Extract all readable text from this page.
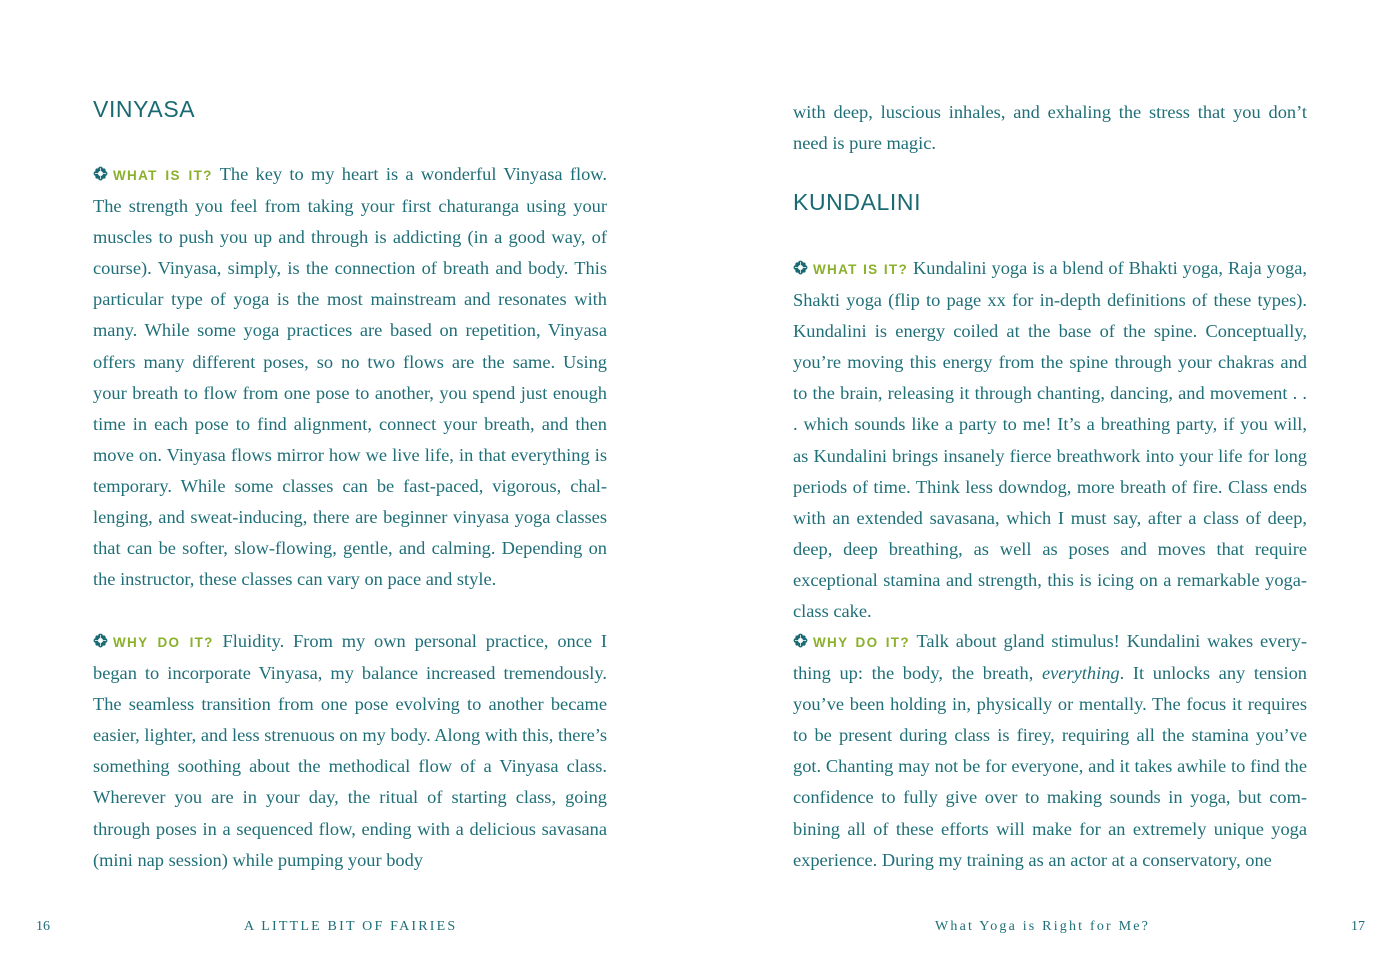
VINYASA

WHAT IS IT? The key to my heart is a wonderful Vinyasa flow. The strength you feel from taking your first chaturanga using your muscles to push you up and through is addicting (in a good way, of course). Vinyasa, simply, is the connection of breath and body. This particular type of yoga is the most mainstream and resonates with many. While some yoga practices are based on repetition, Vinyasa offers many different poses, so no two flows are the same. Using your breath to flow from one pose to another, you spend just enough time in each pose to find alignment, connect your breath, and then move on. Vinyasa flows mirror how we live life, in that everything is temporary. While some classes can be fast-paced, vigorous, challenging, and sweat-inducing, there are beginner vinyasa yoga classes that can be softer, slow-flowing, gentle, and calming. Depending on the instructor, these classes can vary on pace and style.

WHY DO IT? Fluidity. From my own personal practice, once I began to incorporate Vinyasa, my balance increased tremendously. The seamless transition from one pose evolving to another became easier, lighter, and less strenuous on my body. Along with this, there’s something soothing about the methodical flow of a Vinyasa class. Wherever you are in your day, the ritual of starting class, going through poses in a sequenced flow, ending with a delicious savasana (mini nap session) while pumping your body

16	A LITTLE BIT OF FAIRIES

with deep, luscious inhales, and exhaling the stress that you don’t need is pure magic.

KUNDALINI

WHAT IS IT? Kundalini yoga is a blend of Bhakti yoga, Raja yoga, Shakti yoga (flip to page xx for in-depth definitions of these types). Kundalini is energy coiled at the base of the spine. Conceptually, you’re moving this energy from the spine through your chakras and to the brain, releasing it through chanting, dancing, and movement . . . which sounds like a party to me! It’s a breathing party, if you will, as Kundalini brings insanely fierce breathwork into your life for long periods of time. Think less downdog, more breath of fire. Class ends with an extended savasana, which I must say, after a class of deep, deep, deep breathing, as well as poses and moves that require exceptional stamina and strength, this is icing on a remarkable yoga-class cake.

WHY DO IT? Talk about gland stimulus! Kundalini wakes everything up: the body, the breath, everything. It unlocks any tension you’ve been holding in, physically or mentally. The focus it requires to be present during class is firey, requiring all the stamina you’ve got. Chanting may not be for everyone, and it takes awhile to find the confidence to fully give over to making sounds in yoga, but combining all of these efforts will make for an extremely unique yoga experience. During my training as an actor at a conservatory, one

What Yoga is Right for Me?	17
